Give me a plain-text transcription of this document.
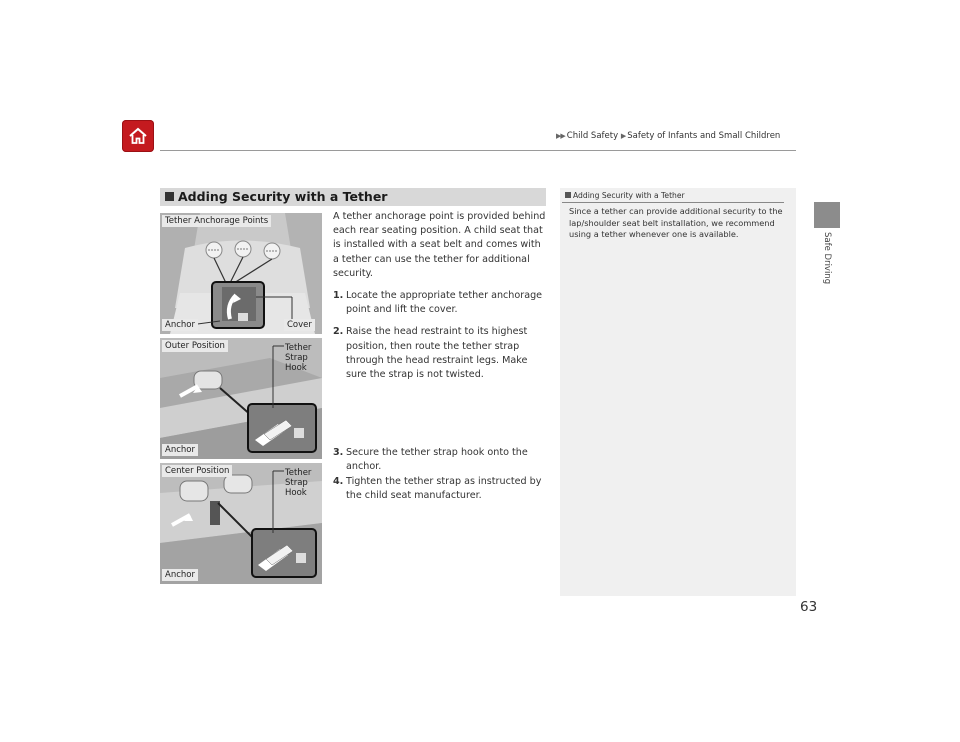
▶▶ Child Safety ▶ Safety of Infants and Small Children
Safe Driving
Adding Security with a Tether
Tether Anchorage Points
Anchor	Cover
Outer Position	Tether
Strap
Hook
Anchor
Center Position	Tether
Strap
Hook
Anchor

A tether anchorage point is provided behind each rear seating position. A child seat that is installed with a seat belt and comes with a tether can use the tether for additional security.

1. Locate the appropriate tether anchorage point and lift the cover.
2. Raise the head restraint to its highest position, then route the tether strap through the head restraint legs. Make sure the strap is not twisted.
3. Secure the tether strap hook onto the anchor.
4. Tighten the tether strap as instructed by the child seat manufacturer.
Adding Security with a Tether
Since a tether can provide additional security to the lap/shoulder seat belt installation, we recommend using a tether whenever one is available.
63
